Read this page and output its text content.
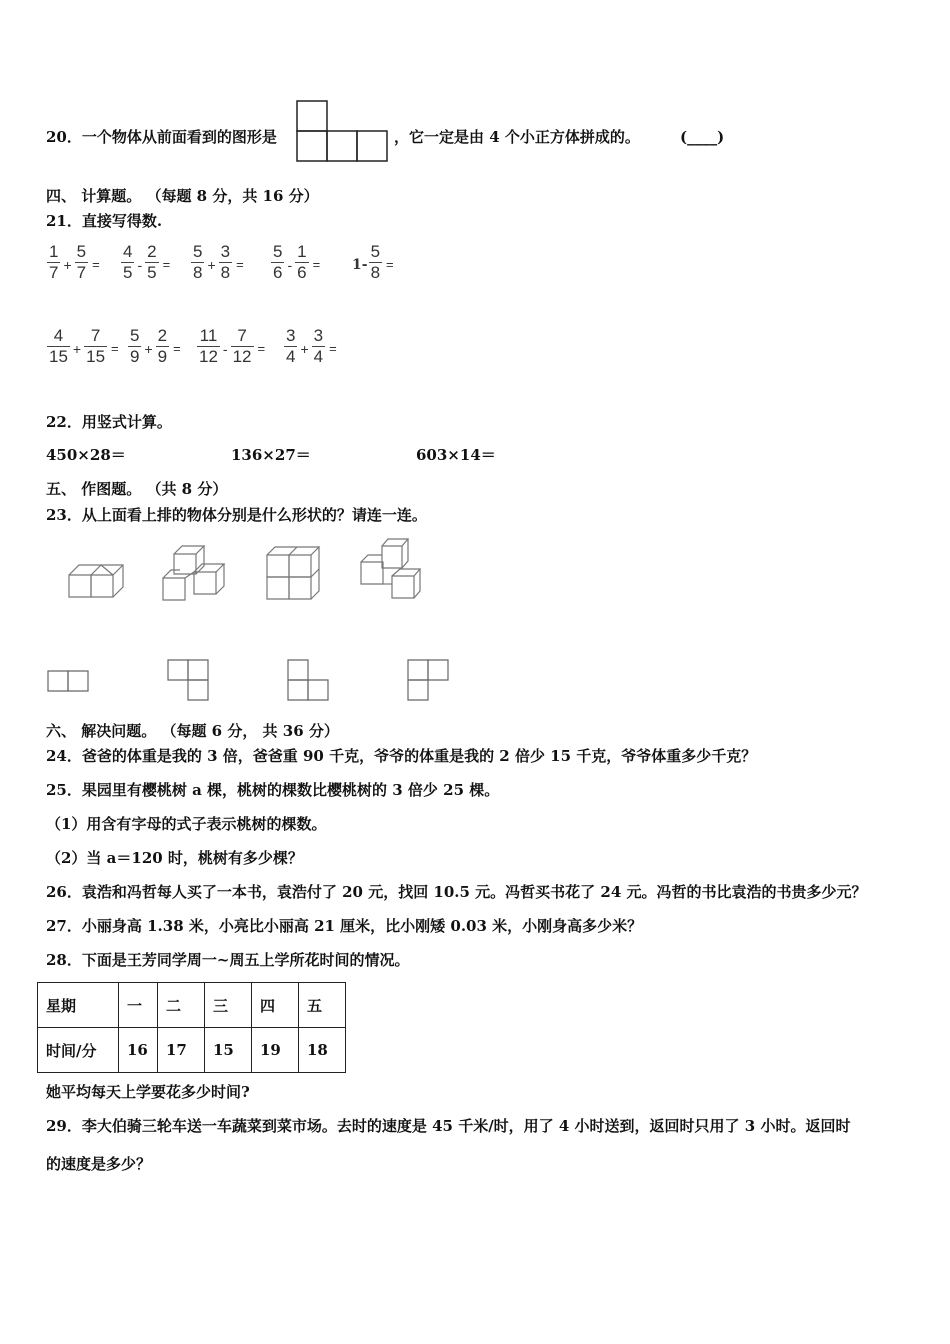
20．一个物体从前面看到的图形是	，它一定是由 4 个小正方体拼成的。	(____)
四、 计算题。 （每题 8 分，共 16 分）
21．直接写得数.
1
$7 + \frac{5}{7}$ =
4
$5 - \frac{2}{5}$ =
5
$8 + \frac{3}{8}$ =
5
$6 - \frac{1}{6} = 1- \frac{5}{8}$ =
4
$15 + \frac{7}{15}$ =
5
$9 + \frac{2}{9}$ =
11
$12 - \frac{7}{12}$ =
3
$4 + \frac{3}{4}$ =
22．用竖式计算。
450×28＝	136×27＝	603×14＝
五、 作图题。 （共 8 分）
23．从上面看上排的物体分别是什么形状的？请连一连。
六、 解决问题。 （每题 6 分， 共 36 分）
24．爸爸的体重是我的 3 倍，爸爸重 90 千克，爷爷的体重是我的 2 倍少 15 千克，爷爷体重多少千克？
25．果园里有樱桃树 a 棵，桃树的棵数比樱桃树的 3 倍少 25 棵。
（1）用含有字母的式子表示桃树的棵数。
（2）当 a＝120 时，桃树有多少棵？
26．袁浩和冯哲每人买了一本书，袁浩付了 20 元，找回 10.5 元。冯哲买书花了 24 元。冯哲的书比袁浩的书贵多少元？
27．小丽身高 1.38 米，小亮比小丽高 21 厘米，比小刚矮 0.03 米，小刚身高多少米？
28．下面是王芳同学周一~周五上学所花时间的情况。
星期	一	二	三	四	五
时间/分	16	17	15	19	18
她平均每天上学要花多少时间?
29．李大伯骑三轮车送一车蔬菜到菜市场。去时的速度是 45 千米/时，用了 4 小时送到，返回时只用了 3 小时。返回时
的速度是多少？
